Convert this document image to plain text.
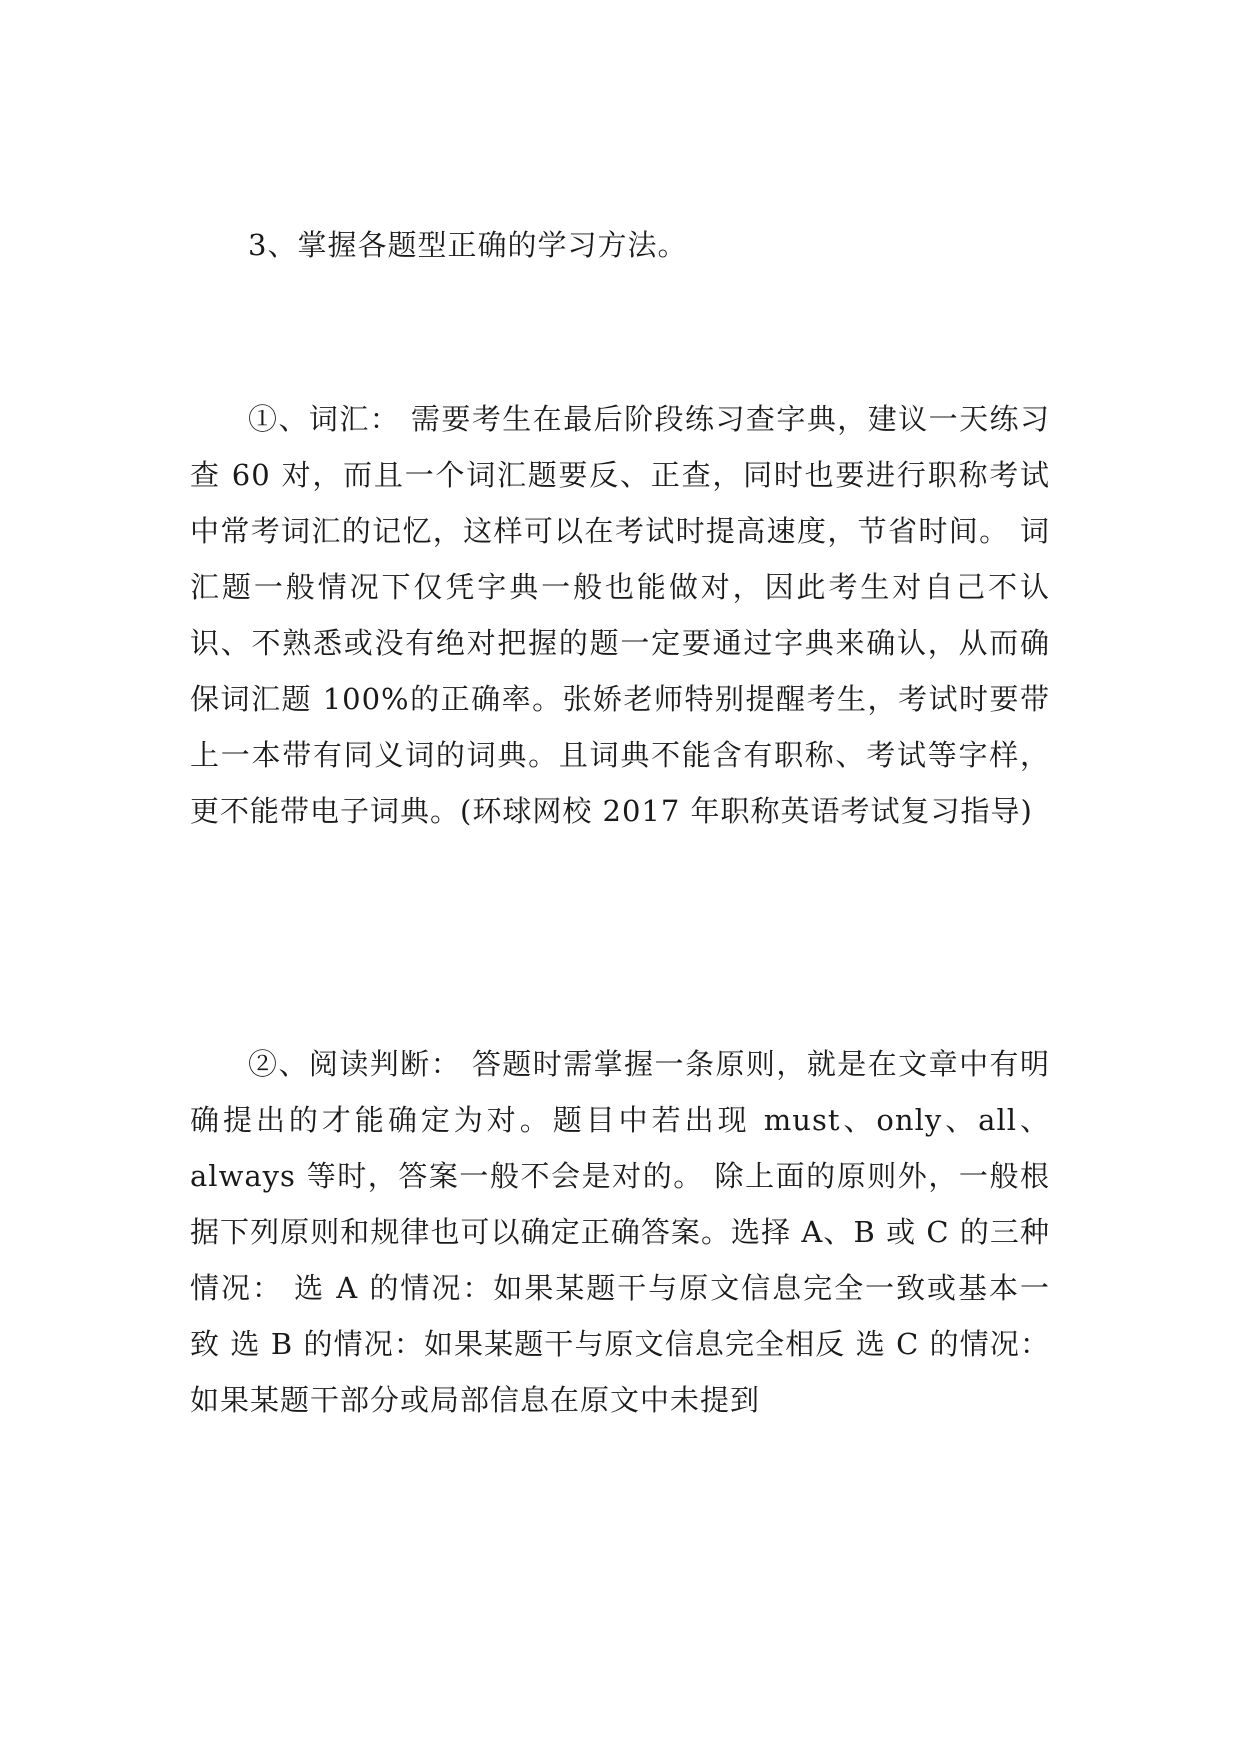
3、掌握各题型正确的学习方法。

①、词汇： 需要考生在最后阶段练习查字典，建议一天练习查 60 对，而且一个词汇题要反、正查，同时也要进行职称考试中常考词汇的记忆，这样可以在考试时提高速度，节省时间。 词汇题一般情况下仅凭字典一般也能做对，因此考生对自己不认识、不熟悉或没有绝对把握的题一定要通过字典来确认，从而确保词汇题 100%的正确率。张娇老师特别提醒考生，考试时要带上一本带有同义词的词典。且词典不能含有职称、考试等字样，更不能带电子词典。(环球网校 2017 年职称英语考试复习指导)

②、阅读判断： 答题时需掌握一条原则，就是在文章中有明确提出的才能确定为对。题目中若出现 must、only、all、always 等时，答案一般不会是对的。 除上面的原则外，一般根据下列原则和规律也可以确定正确答案。选择 A、B 或 C 的三种情况： 选 A 的情况：如果某题干与原文信息完全一致或基本一致 选 B 的情况：如果某题干与原文信息完全相反 选 C 的情况：如果某题干部分或局部信息在原文中未提到
